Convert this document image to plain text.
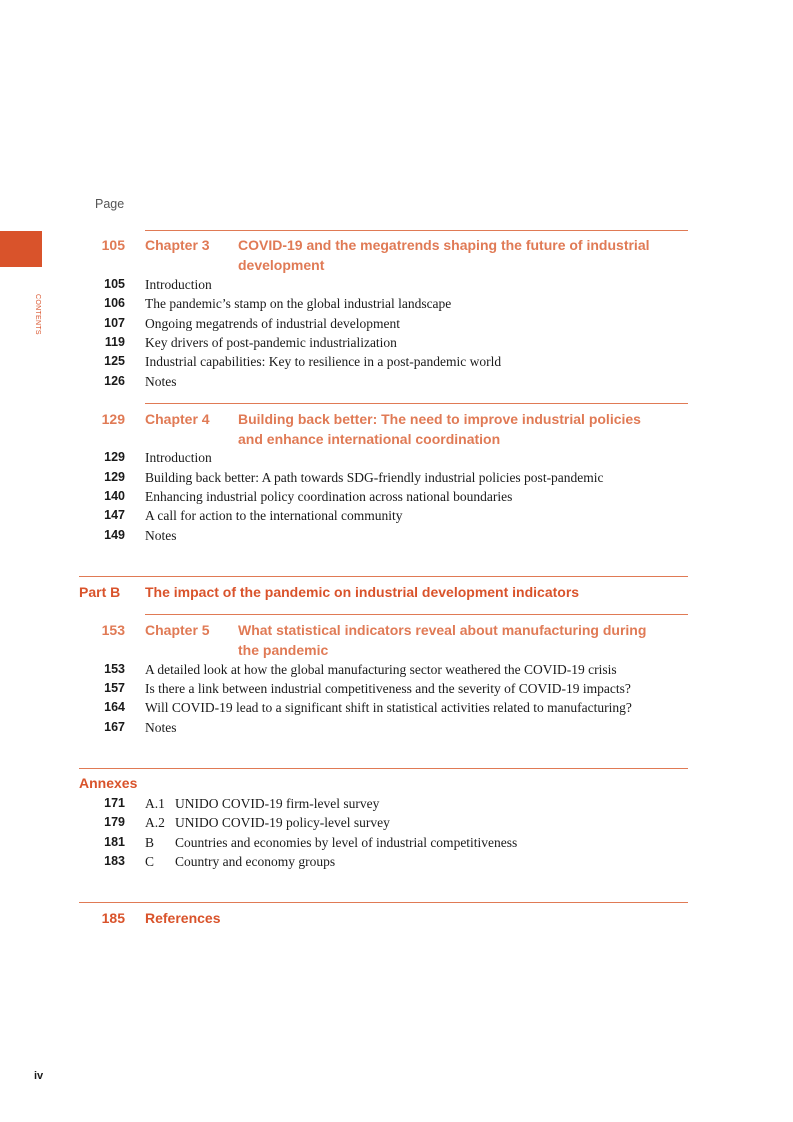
CONTENTS
Page
105 Chapter 3 COVID-19 and the megatrends shaping the future of industrial development
105 Introduction
106 The pandemic’s stamp on the global industrial landscape
107 Ongoing megatrends of industrial development
119 Key drivers of post-pandemic industrialization
125 Industrial capabilities: Key to resilience in a post-pandemic world
126 Notes
129 Chapter 4 Building back better: The need to improve industrial policies and enhance international coordination
129 Introduction
129 Building back better: A path towards SDG-friendly industrial policies post-pandemic
140 Enhancing industrial policy coordination across national boundaries
147 A call for action to the international community
149 Notes
Part B The impact of the pandemic on industrial development indicators
153 Chapter 5 What statistical indicators reveal about manufacturing during the pandemic
153 A detailed look at how the global manufacturing sector weathered the COVID-19 crisis
157 Is there a link between industrial competitiveness and the severity of COVID-19 impacts?
164 Will COVID-19 lead to a significant shift in statistical activities related to manufacturing?
167 Notes
Annexes
171 A.1 UNIDO COVID-19 firm-level survey
179 A.2 UNIDO COVID-19 policy-level survey
181 B Countries and economies by level of industrial competitiveness
183 C Country and economy groups
185 References
iv
